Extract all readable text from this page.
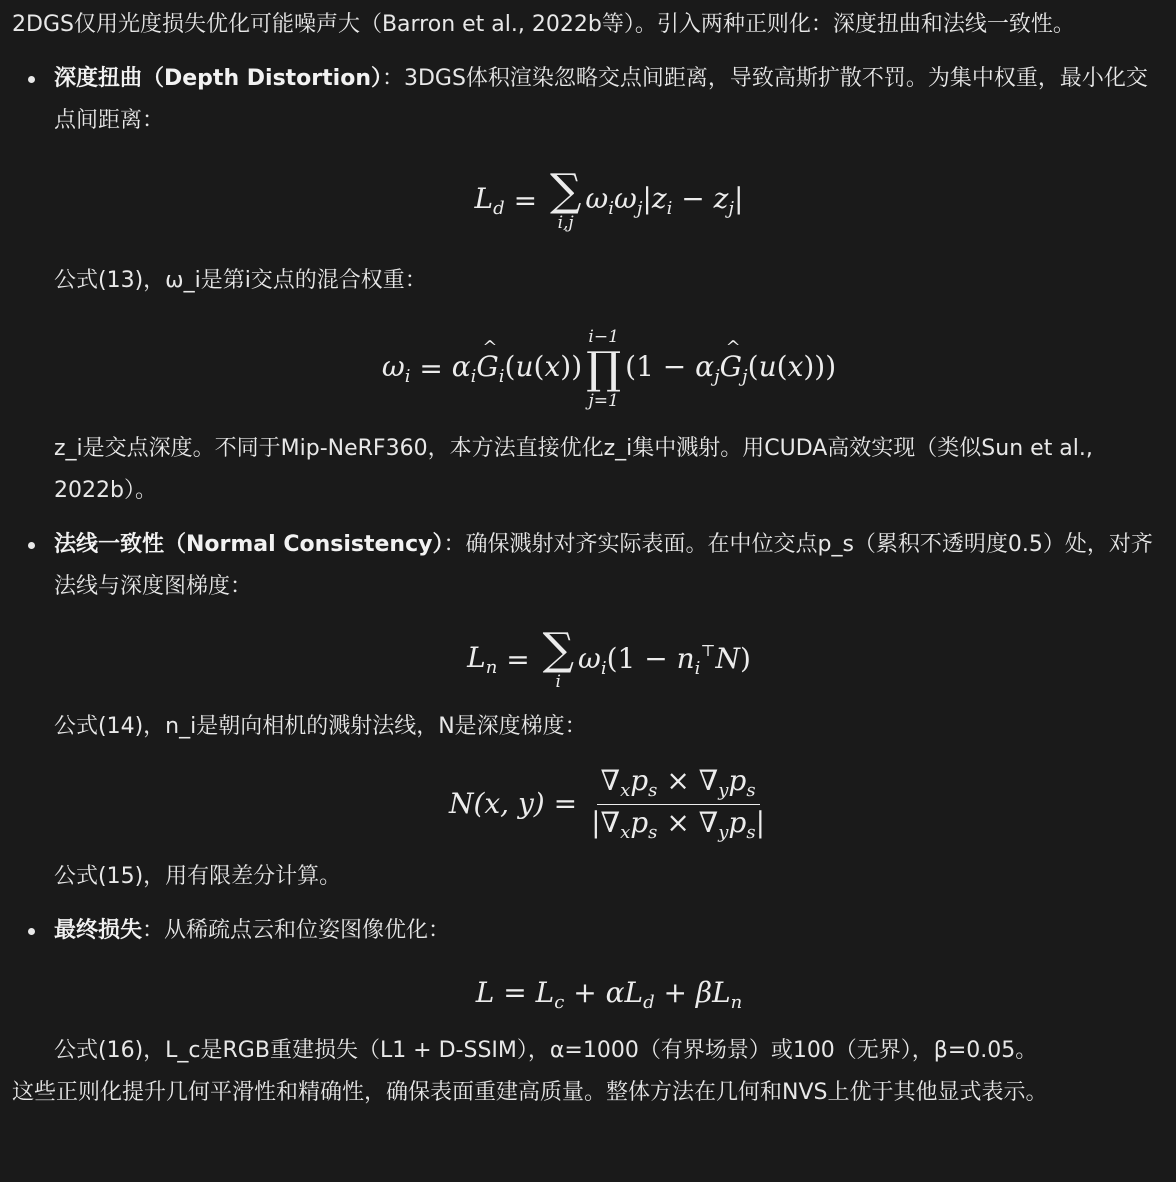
2DGS仅用光度损失优化可能噪声大（Barron et al., 2022b等）。引入两种正则化：深度扭曲和法线一致性。

深度扭曲（Depth Distortion）：3DGS体积渲染忽略交点间距离，导致高斯扩散不罚。为集中权重，最小化交点间距离：

$L_d$ = ∑
i,j
$\omega_i\omega_j|z_i - z_j|$

公式(13)，ω_i是第i交点的混合权重：

$\omega_i$ = $\alpha_i\^{}$ $G_i(u(x))$
i−1
∏
j=1
($1 - \alpha_j\^{}$ $G_j(u(x))$)

z_i是交点深度。不同于Mip-NeRF360，本方法直接优化z_i集中溅射。用CUDA高效实现（类似Sun et al., 2022b）。

法线一致性（Normal Consistency）：确保溅射对齐实际表面。在中位交点p_s（累积不透明度0.5）处，对齐法线与深度图梯度：

$L_n$ = ∑
i
$\omega_i(1 - n_i^⊤N)$

公式(14)，n_i是朝向相机的溅射法线，N是深度梯度：

N(x, $y) = \frac{\nabla_xp_s \times \nabla_yp_s}{|\nabla_xp_s \times \nabla_yp_s|}$

公式(15)，用有限差分计算。

最终损失：从稀疏点云和位姿图像优化：

$L = L_c + \alpha L_d + \beta L_n$

公式(16)，L_c是RGB重建损失（L1 + D-SSIM），α=1000（有界场景）或100（无界），β=0.05。

这些正则化提升几何平滑性和精确性，确保表面重建高质量。整体方法在几何和NVS上优于其他显式表示。
